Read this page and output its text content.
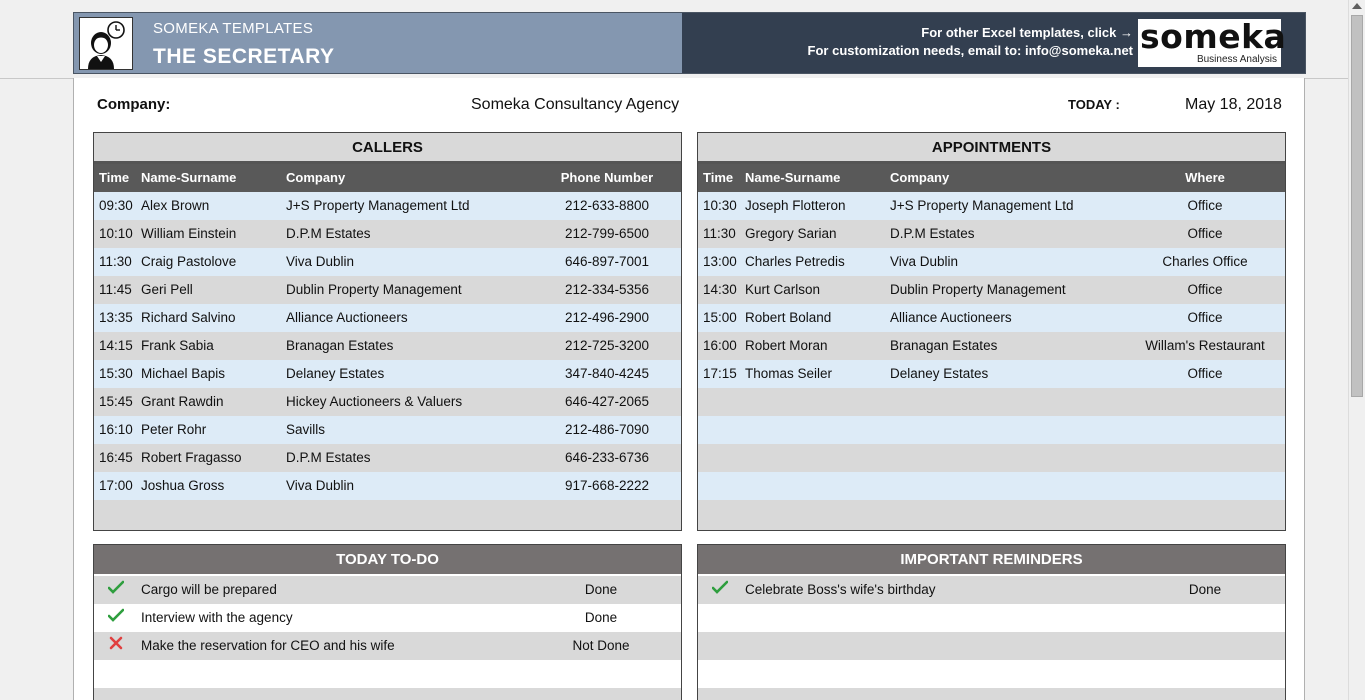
SOMEKA TEMPLATES
THE SECRETARY
For other Excel templates, click →
For customization needs, email to: info@someka.net someka
Business Analysis
Company:	Someka Consultancy Agency	TODAY :	May 18, 2018
CALLERS
Time Name-Surname	Company	Phone Number
09:30 Alex Brown	J+S Property Management Ltd	212-633-8800
10:10 William Einstein	D.P.M Estates	212-799-6500
11:30 Craig Pastolove	Viva Dublin	646-897-7001
11:45 Geri Pell	Dublin Property Management	212-334-5356
13:35 Richard Salvino	Alliance Auctioneers	212-496-2900
14:15 Frank Sabia	Branagan Estates	212-725-3200
15:30 Michael Bapis	Delaney Estates	347-840-4245
15:45 Grant Rawdin	Hickey Auctioneers & Valuers	646-427-2065
16:10 Peter Rohr	Savills	212-486-7090
16:45 Robert Fragasso	D.P.M Estates	646-233-6736
17:00 Joshua Gross	Viva Dublin	917-668-2222
APPOINTMENTS
Time Name-Surname	Company	Where
10:30 Joseph Flotteron	J+S Property Management Ltd	Office
11:30 Gregory Sarian	D.P.M Estates	Office
13:00 Charles Petredis	Viva Dublin	Charles Office
14:30 Kurt Carlson	Dublin Property Management	Office
15:00 Robert Boland	Alliance Auctioneers	Office
16:00 Robert Moran	Branagan Estates	Willam's Restaurant
17:15 Thomas Seiler	Delaney Estates	Office
TODAY TO-DO
Cargo will be prepared	Done
Interview with the agency	Done
Make the reservation for CEO and his wife	Not Done
IMPORTANT REMINDERS
Celebrate Boss's wife's birthday	Done
